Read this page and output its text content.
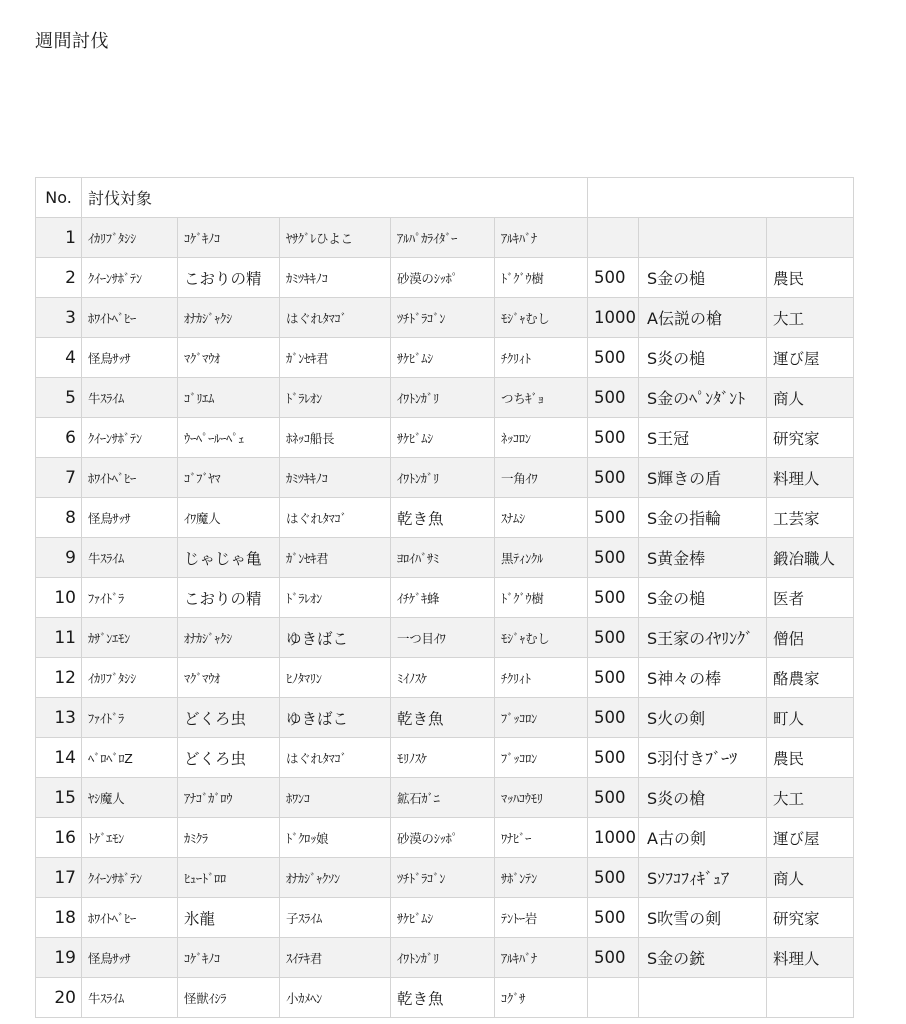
週間討伐
No.	討伐対象							
1	ｲｶﾘﾌﾞﾀｼｼ	ｺｹﾞｷﾉｺ	ﾔｻｸﾞﾚひよこ	ｱﾙﾊﾟｶﾗｲﾀﾞｰ	ｱﾙｷﾊﾞﾅ			
2	ｸｲｰﾝｻﾎﾞﾃﾝ	こおりの精	ｶﾐﾂｷｷﾉｺ	砂漠のｼｯﾎﾟ	ﾄﾞｸﾞｳ樹	500	S金の槌	農民
3	ﾎﾜｲﾄﾍﾞﾋｰ	ｵﾅｶｼﾞｬｸｼ	はぐれﾀﾏｺﾞ	ﾂﾁﾄﾞﾗｺﾞﾝ	ﾓｼﾞｬむし	1000	A伝説の槍	大工
4	怪鳥ｻｯｻ	ﾏｸﾞﾏｳｵ	ｶﾞﾝｾｷ君	ｻｹﾋﾞﾑｼ	ﾁｸﾘｨﾄ	500	S炎の槌	運び屋
5	牛ｽﾗｲﾑ	ｺﾞﾘｴﾑ	ﾄﾞﾗﾚｵﾝ	ｲﾜﾄﾝｶﾞﾘ	つちｷﾞｮ	500	S金のﾍﾟﾝﾀﾞﾝﾄ	商人
6	ｸｲｰﾝｻﾎﾞﾃﾝ	ｳｰﾍﾟｰﾙｰﾍﾟｪ	ﾎﾈｯｺ船長	ｻｹﾋﾞﾑｼ	ﾈｯｺﾛﾝ	500	S王冠	研究家
7	ﾎﾜｲﾄﾍﾞﾋｰ	ｺﾞﾌﾞﾔﾏ	ｶﾐﾂｷｷﾉｺ	ｲﾜﾄﾝｶﾞﾘ	一角ｲﾜ	500	S輝きの盾	料理人
8	怪鳥ｻｯｻ	ｲﾜ魔人	はぐれﾀﾏｺﾞ	乾き魚	ｽﾅﾑｼ	500	S金の指輪	工芸家
9	牛ｽﾗｲﾑ	じゃじゃ亀	ｶﾞﾝｾｷ君	ﾖﾛｲﾊﾞｻﾐ	黒ﾃｨﾝｸﾙ	500	S黄金棒	鍛冶職人
10	ﾌｧｲﾄﾞﾗ	こおりの精	ﾄﾞﾗﾚｵﾝ	ｲﾁｹﾞｷ蜂	ﾄﾞｸﾞｳ樹	500	S金の槌	医者
11	ｶｻﾞﾝｴﾓﾝ	ｵﾅｶｼﾞｬｸｼ	ゆきばこ	一つ目ｲﾜ	ﾓｼﾞｬむし	500	S王家のｲﾔﾘﾝｸﾞ	僧侶
12	ｲｶﾘﾌﾞﾀｼｼ	ﾏｸﾞﾏｳｵ	ﾋﾉﾀﾏﾘﾝ	ﾐｲﾉｽｹ	ﾁｸﾘｨﾄ	500	S神々の棒	酪農家
13	ﾌｧｲﾄﾞﾗ	どくろ虫	ゆきばこ	乾き魚	ﾌﾞｯｺﾛﾝ	500	S火の剣	町人
14	ﾍﾞﾛﾍﾞﾛZ	どくろ虫	はぐれﾀﾏｺﾞ	ﾓﾘﾉｽｹ	ﾌﾞｯｺﾛﾝ	500	S羽付きﾌﾞｰﾂ	農民
15	ﾔｼ魔人	ｱﾅｺﾞｶﾞﾛｳ	ﾎﾜﾝｺ	鉱石ｶﾞﾆ	ﾏｯﾊｺｳﾓﾘ	500	S炎の槍	大工
16	ﾄｹﾞｴﾓﾝ	ｶﾐｸﾗ	ﾄﾞｸﾛｯ娘	砂漠のｼｯﾎﾟ	ﾜﾅﾋﾞｰ	1000	A古の剣	運び屋
17	ｸｲｰﾝｻﾎﾞﾃﾝ	ﾋｭｰﾄﾞﾛﾛ	ｵﾅｶｼﾞｬｸｿﾝ	ﾂﾁﾄﾞﾗｺﾞﾝ	ｻﾎﾞﾝﾃﾝ	500	Sｿﾌｺﾌｨｷﾞｭｱ	商人
18	ﾎﾜｲﾄﾍﾞﾋｰ	氷龍	子ｽﾗｲﾑ	ｻｹﾋﾞﾑｼ	ﾃﾝﾄｰ岩	500	S吹雪の剣	研究家
19	怪鳥ｻｯｻ	ｺｹﾞｷﾉｺ	ｽｲﾃｷ君	ｲﾜﾄﾝｶﾞﾘ	ｱﾙｷﾊﾞﾅ	500	S金の銃	料理人
20	牛ｽﾗｲﾑ	怪獣ｲｼﾗ	小ｶﾒﾍﾝ	乾き魚	ｺｸﾞｻ			
